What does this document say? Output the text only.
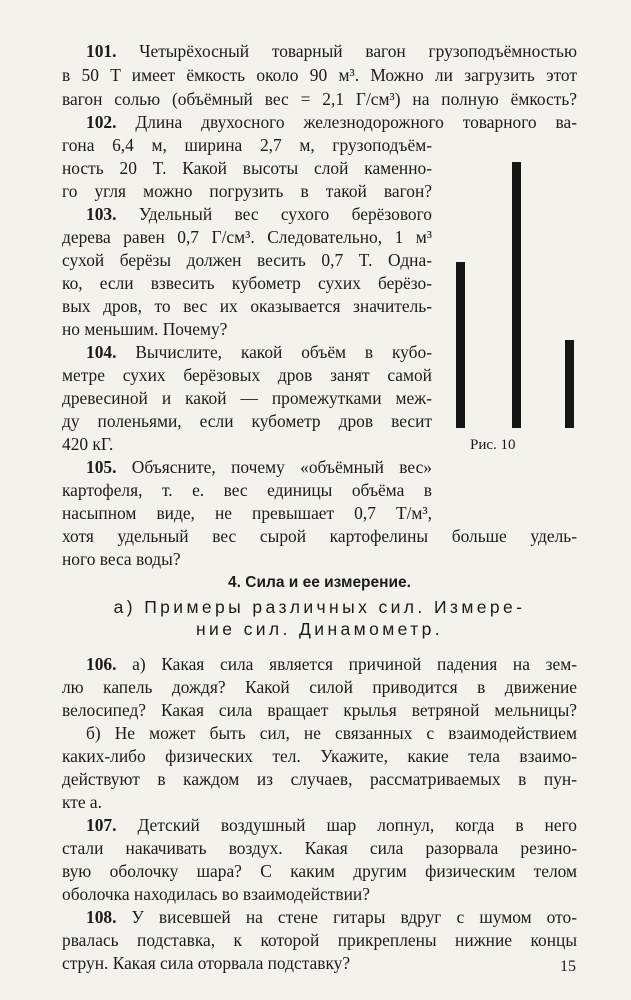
101. Четырёхосный товарный вагон грузоподъёмностью
в 50 T имеет ёмкость около 90 м³. Можно ли загрузить этот
вагон солью (объёмный вес = 2,1 Г/см³) на полную ёмкость?
102. Длина двухосного железнодорожного товарного ва-
гона 6,4 м, ширина 2,7 м, грузоподъём-
ность 20 T. Какой высоты слой каменно-
го угля можно погрузить в такой вагон?
103. Удельный вес сухого берёзового
дерева равен 0,7 Г/см³. Следовательно, 1 м³
сухой берёзы должен весить 0,7 T. Одна-
ко, если взвесить кубометр сухих берёзо-
вых дров, то вес их оказывается значитель-
но меньшим. Почему?
104. Вычислите, какой объём в кубо-
метре сухих берёзовых дров занят самой
древесиной и какой — промежутками меж-
ду поленьями, если кубометр дров весит
420 кГ.
105. Объясните, почему «объёмный вес»
картофеля, т. е. вес единицы объёма в
насыпном виде, не превышает 0,7 T/м³,
хотя удельный вес сырой картофелины больше удель-
ного веса воды?
Рис. 10
4. Сила и ее измерение.
а) Примеры различных сил. Измере-
ние сил. Динамометр.
106. а) Какая сила является причиной падения на зем-
лю капель дождя? Какой силой приводится в движение
велосипед? Какая сила вращает крылья ветряной мельницы?
б) Не может быть сил, не связанных с взаимодействием
каких-либо физических тел. Укажите, какие тела взаимо-
действуют в каждом из случаев, рассматриваемых в пун-
кте а.
107. Детский воздушный шар лопнул, когда в него
стали накачивать воздух. Какая сила разорвала резино-
вую оболочку шара? С каким другим физическим телом
оболочка находилась во взаимодействии?
108. У висевшей на стене гитары вдруг с шумом ото-
рвалась подставка, к которой прикреплены нижние концы
струн. Какая сила оторвала подставку?	15
